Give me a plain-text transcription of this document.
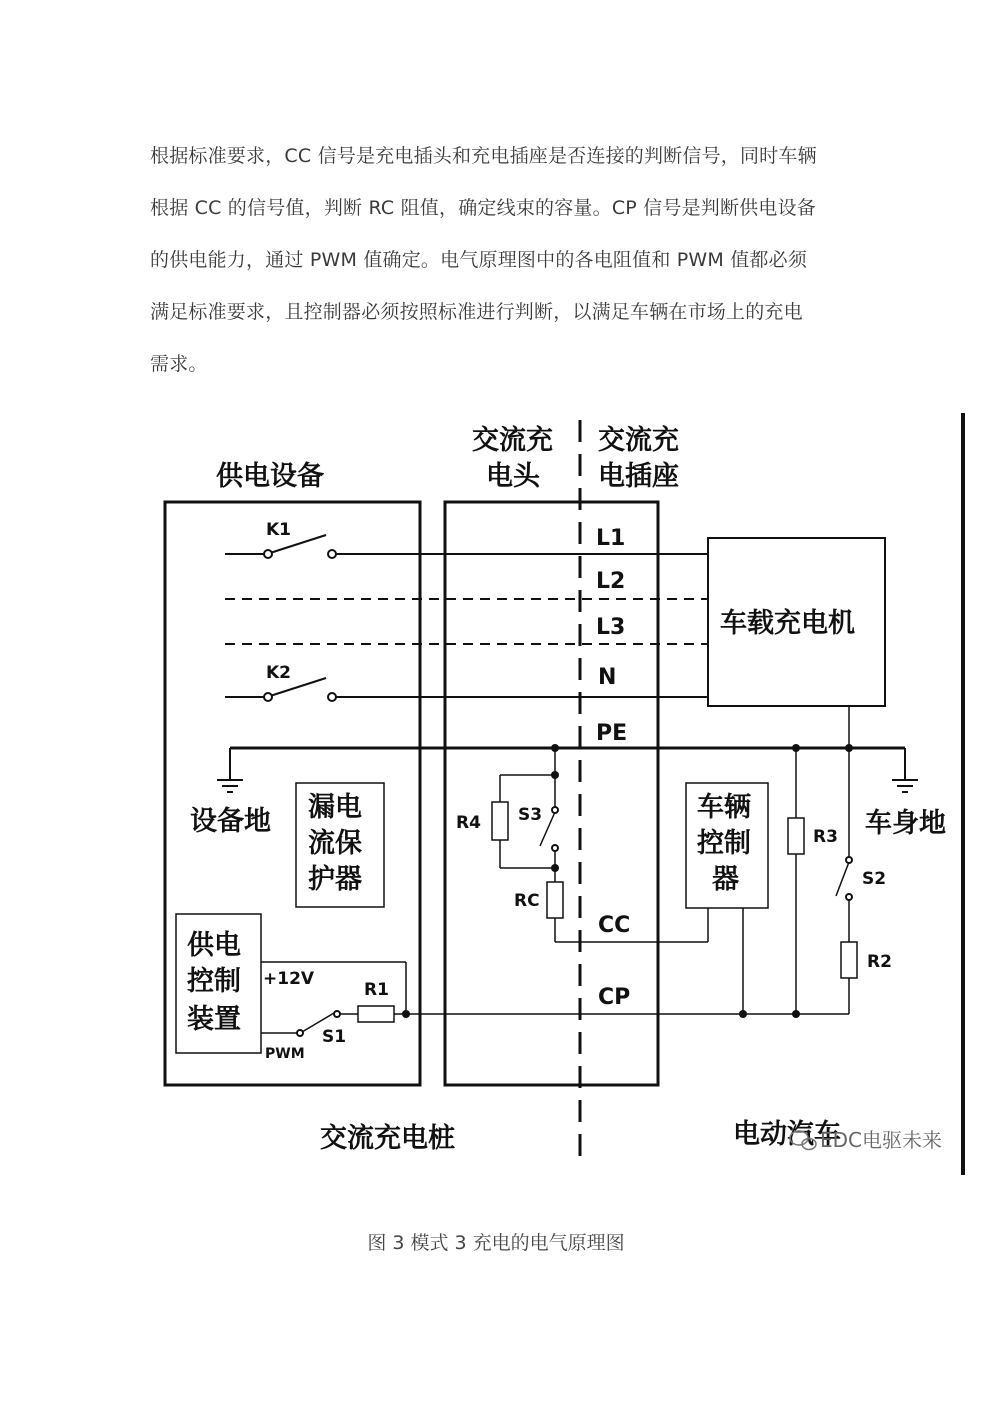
根据标准要求，CC 信号是充电插头和充电插座是否连接的判断信号，同时车辆

根据 CC 的信号值，判断 RC 阻值，确定线束的容量。CP 信号是判断供电设备

的供电能力，通过 PWM 值确定。电气原理图中的各电阻值和 PWM 值都必须

满足标准要求，且控制器必须按照标准进行判断，以满足车辆在市场上的充电

需求。

交流充
电头
交流充
电插座
供电设备
K1
K2
L1
L2
L3
N
PE
CC
CP
车载充电机
设备地	车身地
漏电
流保
护器
供电
控制
装置
+12V
PWM
R1
S1
R4 S3
RC
车辆
控制
器
R3
S2
R2
交流充电桩	电动汽车
EDC电驱未来
图 3 模式 3 充电的电气原理图
